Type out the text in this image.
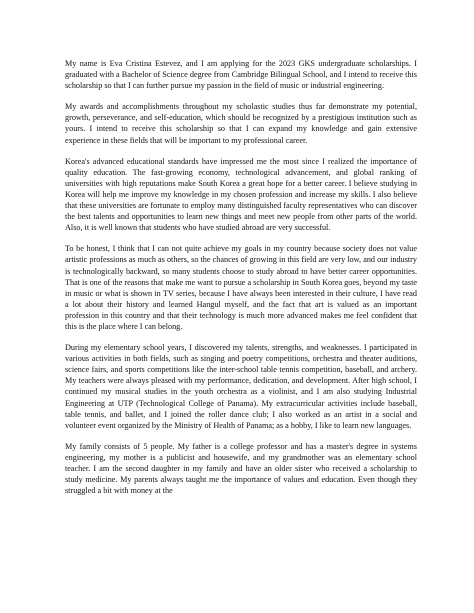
My name is Eva Cristina Estevez, and I am applying for the 2023 GKS undergraduate scholarships. I graduated with a Bachelor of Science degree from Cambridge Bilingual School, and I intend to receive this scholarship so that I can further pursue my passion in the field of music or industrial engineering.

My awards and accomplishments throughout my scholastic studies thus far demonstrate my potential, growth, perseverance, and self-education, which should be recognized by a prestigious institution such as yours. I intend to receive this scholarship so that I can expand my knowledge and gain extensive experience in these fields that will be important to my professional career.

Korea's advanced educational standards have impressed me the most since I realized the importance of quality education. The fast-growing economy, technological advancement, and global ranking of universities with high reputations make South Korea a great hope for a better career. I believe studying in Korea will help me improve my knowledge in my chosen profession and increase my skills. I also believe that these universities are fortunate to employ many distinguished faculty representatives who can discover the best talents and opportunities to learn new things and meet new people from other parts of the world. Also, it is well known that students who have studied abroad are very successful.

To be honest, I think that I can not quite achieve my goals in my country because society does not value artistic professions as much as others, so the chances of growing in this field are very low, and our industry is technologically backward, so many students choose to study abroad to have better career opportunities. That is one of the reasons that make me want to pursue a scholarship in South Korea goes, beyond my taste in music or what is shown in TV series, because I have always been interested in their culture, I have read a lot about their history and learned Hangul myself, and the fact that art is valued as an important profession in this country and that their technology is much more advanced makes me feel confident that this is the place where I can belong.

During my elementary school years, I discovered my talents, strengths, and weaknesses. I participated in various activities in both fields, such as singing and poetry competitions, orchestra and theater auditions, science fairs, and sports competitions like the inter-school table tennis competition, baseball, and archery. My teachers were always pleased with my performance, dedication, and development. After high school, I continued my musical studies in the youth orchestra as a violinist, and I am also studying Industrial Engineering at UTP (Technological College of Panama). My extracurricular activities include baseball, table tennis, and ballet, and I joined the roller dance club; I also worked as an artist in a social and volunteer event organized by the Ministry of Health of Panama; as a hobby, I like to learn new languages.

My family consists of 5 people. My father is a college professor and has a master's degree in systems engineering, my mother is a publicist and housewife, and my grandmother was an elementary school teacher. I am the second daughter in my family and have an older sister who received a scholarship to study medicine. My parents always taught me the importance of values and education. Even though they struggled a bit with money at the
